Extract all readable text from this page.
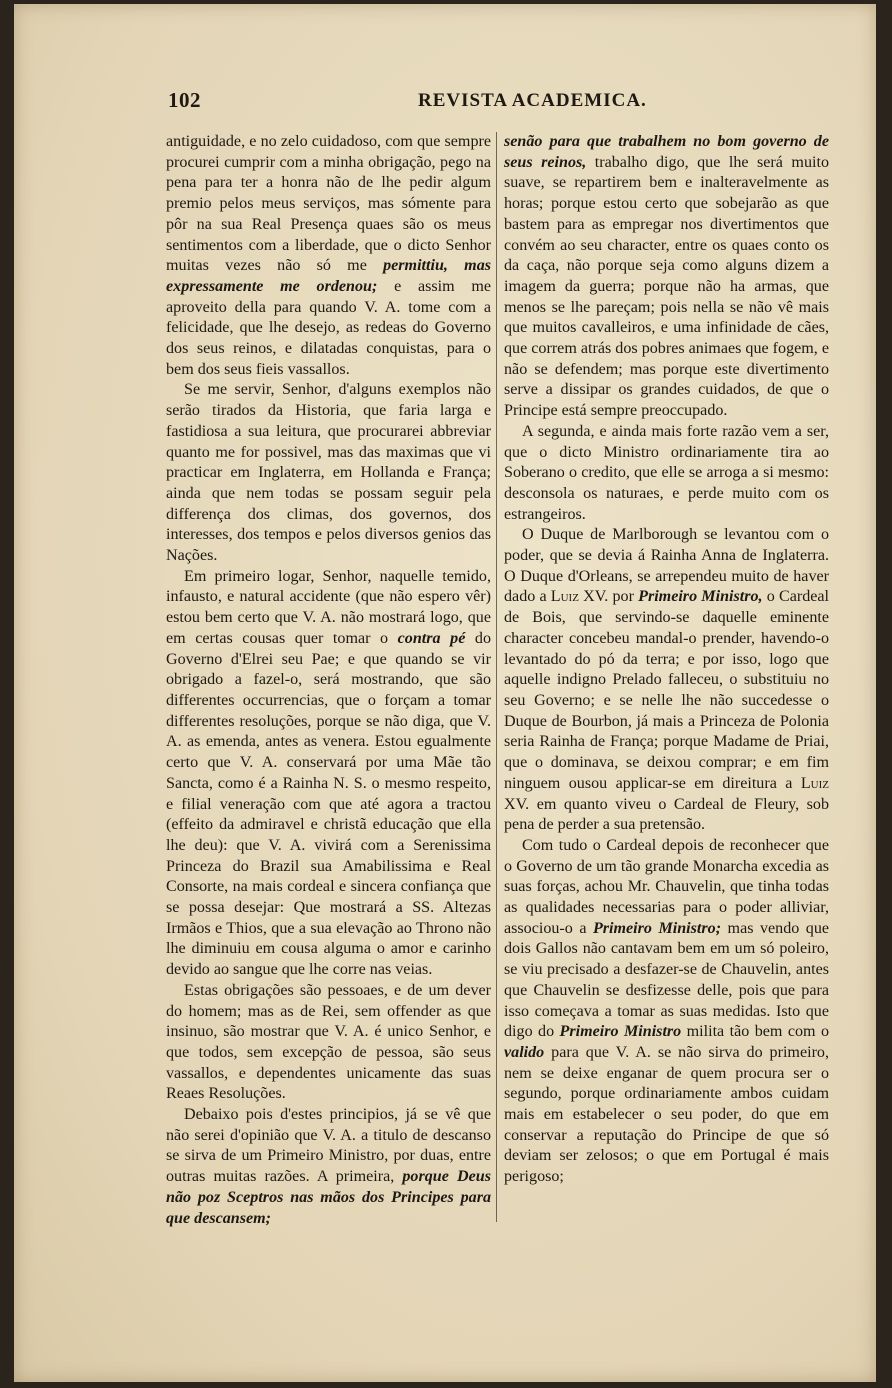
102	REVISTA ACADEMICA.

antiguidade, e no zelo cuidadoso, com que sempre procurei cumprir com a minha obrigação, pego na pena para ter a honra não de lhe pedir algum premio pelos meus serviços, mas sómente para pôr na sua Real Presença quaes são os meus sentimentos com a liberdade, que o dicto Senhor muitas vezes não só me permittiu, mas expressamente me ordenou; e assim me aproveito della para quando V. A. tome com a felicidade, que lhe desejo, as redeas do Governo dos seus reinos, e dilatadas conquistas, para o bem dos seus fieis vassallos.

Se me servir, Senhor, d'alguns exemplos não serão tirados da Historia, que faria larga e fastidiosa a sua leitura, que procurarei abbreviar quanto me for possivel, mas das maximas que vi practicar em Inglaterra, em Hollanda e França; ainda que nem todas se possam seguir pela differença dos climas, dos governos, dos interesses, dos tempos e pelos diversos genios das Nações.

Em primeiro logar, Senhor, naquelle temido, infausto, e natural accidente (que não espero vêr) estou bem certo que V. A. não mostrará logo, que em certas cousas quer tomar o contra pé do Governo d'Elrei seu Pae; e que quando se vir obrigado a fazel-o, será mostrando, que são differentes occurrencias, que o forçam a tomar differentes resoluções, porque se não diga, que V. A. as emenda, antes as venera. Estou egualmente certo que V. A. conservará por uma Mãe tão Sancta, como é a Rainha N. S. o mesmo respeito, e filial veneração com que até agora a tractou (effeito da admiravel e christã educação que ella lhe deu): que V. A. vivirá com a Serenissima Princeza do Brazil sua Amabilissima e Real Consorte, na mais cordeal e sincera confiança que se possa desejar: Que mostrará a SS. Altezas Irmãos e Thios, que a sua elevação ao Throno não lhe diminuiu em cousa alguma o amor e carinho devido ao sangue que lhe corre nas veias.

Estas obrigações são pessoaes, e de um dever do homem; mas as de Rei, sem offender as que insinuo, são mostrar que V. A. é unico Senhor, e que todos, sem excepção de pessoa, são seus vassallos, e dependentes unicamente das suas Reaes Resoluções.

Debaixo pois d'estes principios, já se vê que não serei d'opinião que V. A. a titulo de descanso se sirva de um Primeiro Ministro, por duas, entre outras muitas razões. A primeira, porque Deus não poz Sceptros nas mãos dos Principes para que descansem;

senão para que trabalhem no bom governo de seus reinos, trabalho digo, que lhe será muito suave, se repartirem bem e inalteravelmente as horas; porque estou certo que sobejarão as que bastem para as empregar nos divertimentos que convém ao seu character, entre os quaes conto os da caça, não porque seja como alguns dizem a imagem da guerra; porque não ha armas, que menos se lhe pareçam; pois nella se não vê mais que muitos cavalleiros, e uma infinidade de cães, que correm atrás dos pobres animaes que fogem, e não se defendem; mas porque este divertimento serve a dissipar os grandes cuidados, de que o Principe está sempre preoccupado.

A segunda, e ainda mais forte razão vem a ser, que o dicto Ministro ordinariamente tira ao Soberano o credito, que elle se arroga a si mesmo: desconsola os naturaes, e perde muito com os estrangeiros.

O Duque de Marlborough se levantou com o poder, que se devia á Rainha Anna de Inglaterra. O Duque d'Orleans, se arrependeu muito de haver dado a Luiz XV. por Primeiro Ministro, o Cardeal de Bois, que servindo-se daquelle eminente character concebeu mandal-o prender, havendo-o levantado do pó da terra; e por isso, logo que aquelle indigno Prelado falleceu, o substituiu no seu Governo; e se nelle lhe não succedesse o Duque de Bourbon, já mais a Princeza de Polonia seria Rainha de França; porque Madame de Priai, que o dominava, se deixou comprar; e em fim ninguem ousou applicar-se em direitura a Luiz XV. em quanto viveu o Cardeal de Fleury, sob pena de perder a sua pretensão.

Com tudo o Cardeal depois de reconhecer que o Governo de um tão grande Monarcha excedia as suas forças, achou Mr. Chauvelin, que tinha todas as qualidades necessarias para o poder alliviar, associou-o a Primeiro Ministro; mas vendo que dois Gallos não cantavam bem em um só poleiro, se viu precisado a desfazer-se de Chauvelin, antes que Chauvelin se desfizesse delle, pois que para isso começava a tomar as suas medidas. Isto que digo do Primeiro Ministro milita tão bem com o valido para que V. A. se não sirva do primeiro, nem se deixe enganar de quem procura ser o segundo, porque ordinariamente ambos cuidam mais em estabelecer o seu poder, do que em conservar a reputação do Principe de que só deviam ser zelosos; o que em Portugal é mais perigoso;
